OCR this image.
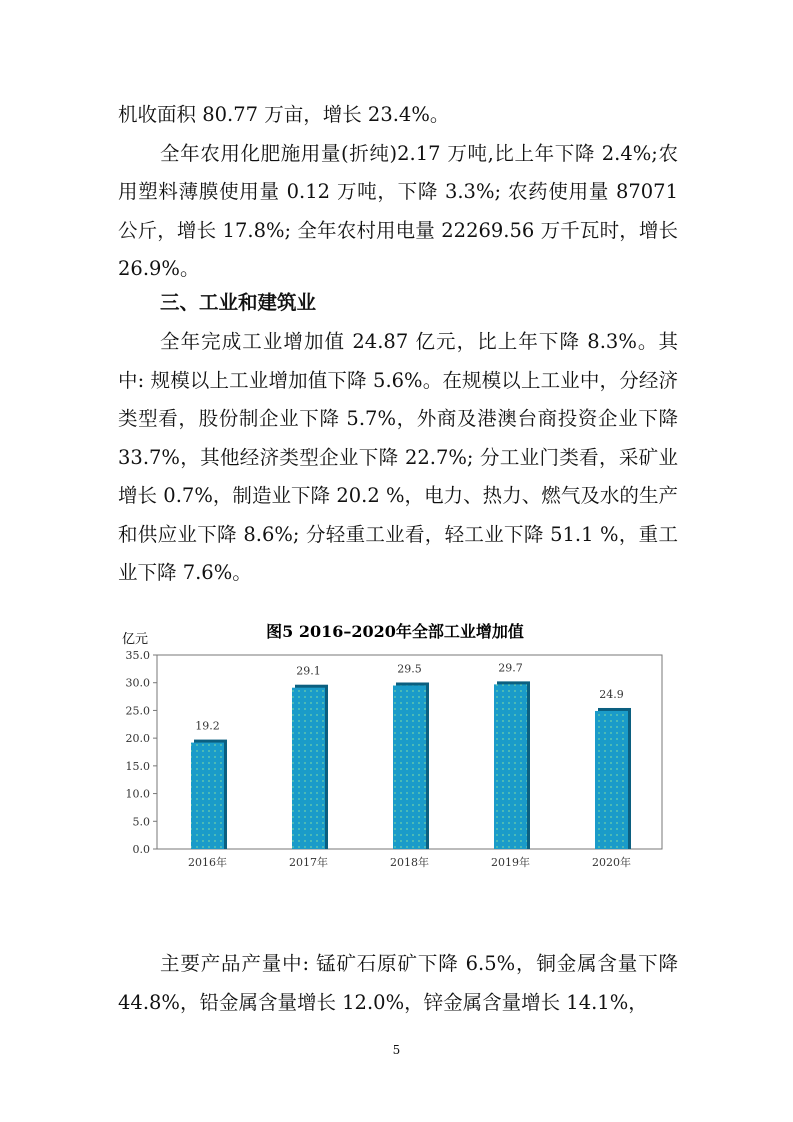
机收面积 80.77 万亩，增长 23.4%。

全年农用化肥施用量(折纯)2.17 万吨,比上年下降 2.4%;农用塑料薄膜使用量 0.12 万吨，下降 3.3%; 农药使用量 87071 公斤，增长 17.8%; 全年农村用电量 22269.56 万千瓦时，增长 26.9%。

三、工业和建筑业

全年完成工业增加值 24.87 亿元，比上年下降 8.3%。其中: 规模以上工业增加值下降 5.6%。在规模以上工业中，分经济类型看，股份制企业下降 5.7%，外商及港澳台商投资企业下降 33.7%，其他经济类型企业下降 22.7%; 分工业门类看，采矿业增长 0.7%，制造业下降 20.2 %，电力、热力、燃气及水的生产和供应业下降 8.6%; 分轻重工业看，轻工业下降 51.1 %，重工业下降 7.6%。

图5 2016–2020年全部工业增加值
亿元
35.0
30.0
25.0
20.0
15.0
10.0
5.0
0.0
19.2
29.1	29.5	29.7
24.9
2016年	2017年	2018年	2019年	2020年

主要产品产量中: 锰矿石原矿下降 6.5%，铜金属含量下降 44.8%，铅金属含量增长 12.0%，锌金属含量增长 14.1%，

5
